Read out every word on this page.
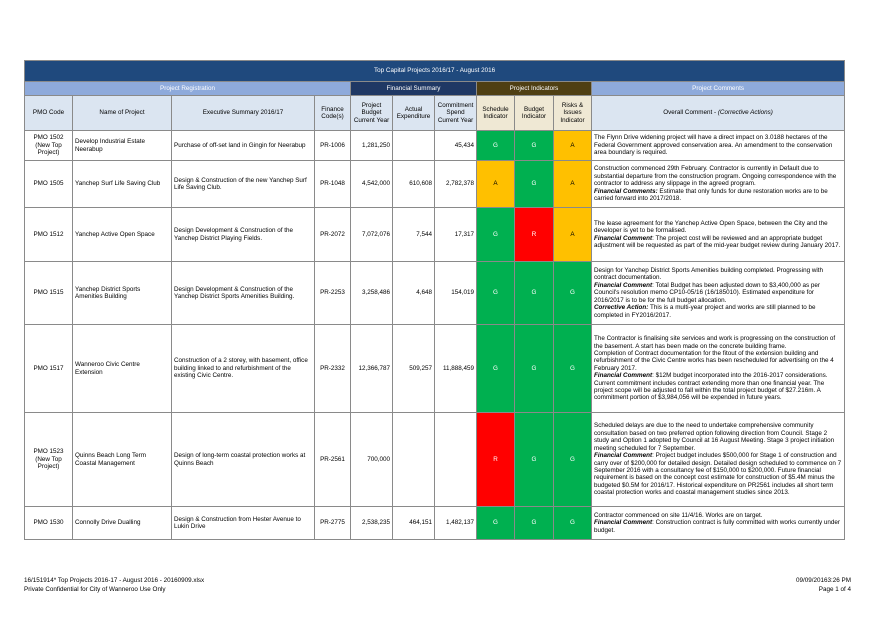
Top Capital Projects 2016/17 - August 2016										
Project Registration				Financial Summary			Project Indicators			Project Comments
PMO Code	Name of Project	Executive Summary 2016/17	Finance Code(s)	Project Budget Current Year	Actual Expenditure	Commitment Spend Current Year	Schedule Indicator	Budget Indicator	Risks & Issues Indicator	Overall Comment - (Corrective Actions)
PMO 1502 (New Top Project)	Develop Industrial Estate Neerabup	Purchase of off-set land in Gingin for Neerabup	PR-1006	1,281,250		45,434	G	G	A	The Flynn Drive widening project will have a direct impact on 3.0188 hectares of the Federal Government approved conservation area. An amendment to the conservation area boundary is required.

PMO 1505	Yanchep Surf Life Saving Club	Design & Construction of the new Yanchep Surf Life Saving Club.	PR-1048	4,542,000	610,608	2,782,378	A	G	A	Construction commenced 29th February. Contractor is currently in Default due to substantial departure from the construction program. Ongoing correspondence with the contractor to address any slippage in the agreed program.
Financial Comments: Estimate that only funds for dune restoration works are to be carried forward into 2017/2018.

PMO 1512	Yanchep Active Open Space	Design Development & Construction of the Yanchep District Playing Fields.	PR-2072	7,072,076	7,544	17,317	G	R	A	The lease agreement for the Yanchep Active Open Space, between the City and the developer is yet to be formalised.
Financial Comment: The project cost will be reviewed and an appropriate budget adjustment will be requested as part of the mid-year budget review during January 2017.

PMO 1515	Yanchep District Sports Amenities Building	Design Development & Construction of the Yanchep District Sports Amenities Building.	PR-2253	3,258,486	4,648	154,019	G	G	G	Design for Yanchep District Sports Amenities building completed. Progressing with contract documentation.
Financial Comment: Total Budget has been adjusted down to $3,400,000 as per Council's resolution memo CP10-05/16 (16/185010). Estimated expenditure for 2016/2017 is to be for the full budget allocation.
Corrective Action: This is a multi-year project and works are still planned to be completed in FY2016/2017.

PMO 1517	Wanneroo Civic Centre Extension	Construction of a 2 storey, with basement, office building linked to and refurbishment of the existing Civic Centre.	PR-2332	12,366,787	509,257	11,888,459	G	G	G	The Contractor is finalising site services and work is progressing on the construction of the basement. A start has been made on the concrete building frame.
Completion of Contract documentation for the fitout of the extension building and refurbishment of the Civic Centre works has been rescheduled for advertising on the 4 February 2017.
Financial Comment: $12M budget incorporated into the 2016-2017 considerations. Current commitment includes contract extending more than one financial year. The project scope will be adjusted to fall within the total project budget of $27.216m. A commitment portion of $3,984,056 will be expended in future years.

PMO 1523 (New Top Project)	Quinns Beach Long Term Coastal Management	Design of long-term coastal protection works at Quinns Beach	PR-2561	700,000			R	G	G	Scheduled delays are due to the need to undertake comprehensive community consultation based on two preferred option following direction from Council. Stage 2 study and Option 1 adopted by Council at 16 August Meeting. Stage 3 project initiation meeting scheduled for 7 September.
Financial Comment: Project budget includes $500,000 for Stage 1 of construction and carry over of $200,000 for detailed design. Detailed design scheduled to commence on 7 September 2016 with a consultancy fee of $150,000 to $200,000. Future financial requirement is based on the concept cost estimate for construction of $5.4M minus the budgeted $0.5M for 2016/17. Historical expenditure on PR2561 includes all short term coastal protection works and coastal management studies since 2013.

PMO 1530	Connolly Drive Dualling	Design & Construction from Hester Avenue to Lukin Drive	PR-2775	2,538,235	464,151	1,482,137	G	G	G	Contractor commenced on site 11/4/16. Works are on target.
Financial Comment: Construction contract is fully committed with works currently under budget.
16/151914* Top Projects 2016-17 - August 2016 - 20160909.xlsx
Private Confidential for City of Wanneroo Use Only
09/09/20163:26 PM
Page 1 of 4
